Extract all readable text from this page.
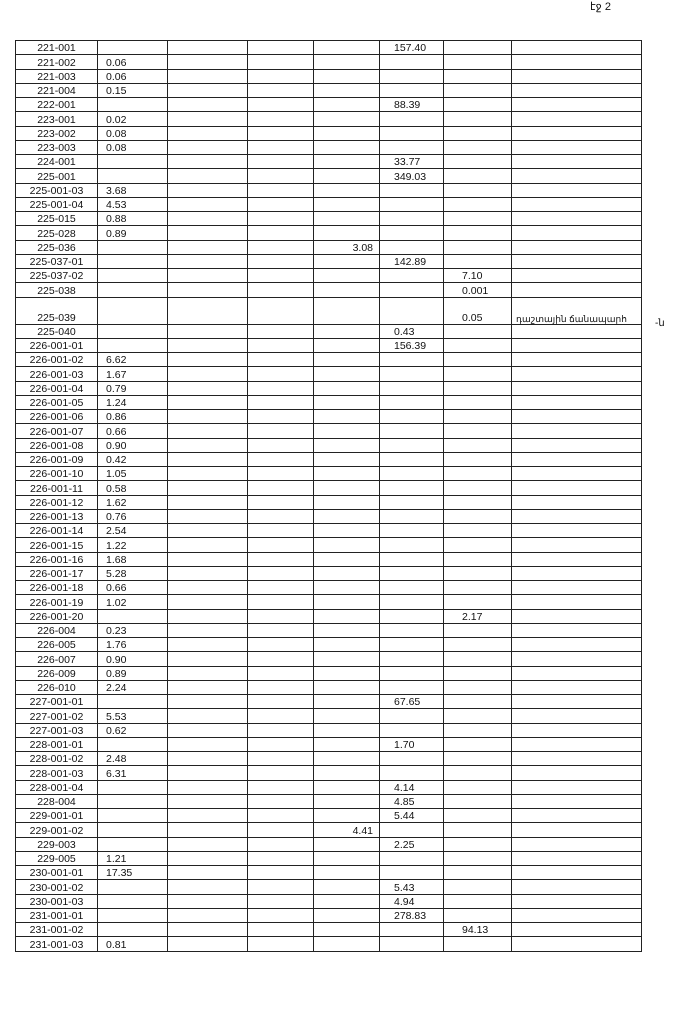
էջ 2
-ն
221-001					157.40		
221-002	0.06						
221-003	0.06						
221-004	0.15						
222-001					88.39		
223-001	0.02						
223-002	0.08						
223-003	0.08						
224-001					33.77		
225-001					349.03		
225-001-03	3.68						
225-001-04	4.53						
225-015	0.88						
225-028	0.89						
225-036				3.08			
225-037-01					142.89		
225-037-02						7.10	
225-038						0.001	
225-039						0.05	դաշտային ճանապարհ
225-040					0.43		
226-001-01					156.39		
226-001-02	6.62						
226-001-03	1.67						
226-001-04	0.79						
226-001-05	1.24						
226-001-06	0.86						
226-001-07	0.66						
226-001-08	0.90						
226-001-09	0.42						
226-001-10	1.05						
226-001-11	0.58						
226-001-12	1.62						
226-001-13	0.76						
226-001-14	2.54						
226-001-15	1.22						
226-001-16	1.68						
226-001-17	5.28						
226-001-18	0.66						
226-001-19	1.02						
226-001-20						2.17	
226-004	0.23						
226-005	1.76						
226-007	0.90						
226-009	0.89						
226-010	2.24						
227-001-01					67.65		
227-001-02	5.53						
227-001-03	0.62						
228-001-01					1.70		
228-001-02	2.48						
228-001-03	6.31						
228-001-04					4.14		
228-004					4.85		
229-001-01					5.44		
229-001-02				4.41			
229-003					2.25		
229-005	1.21						
230-001-01	17.35						
230-001-02					5.43		
230-001-03					4.94		
231-001-01					278.83		
231-001-02						94.13	
231-001-03	0.81						
